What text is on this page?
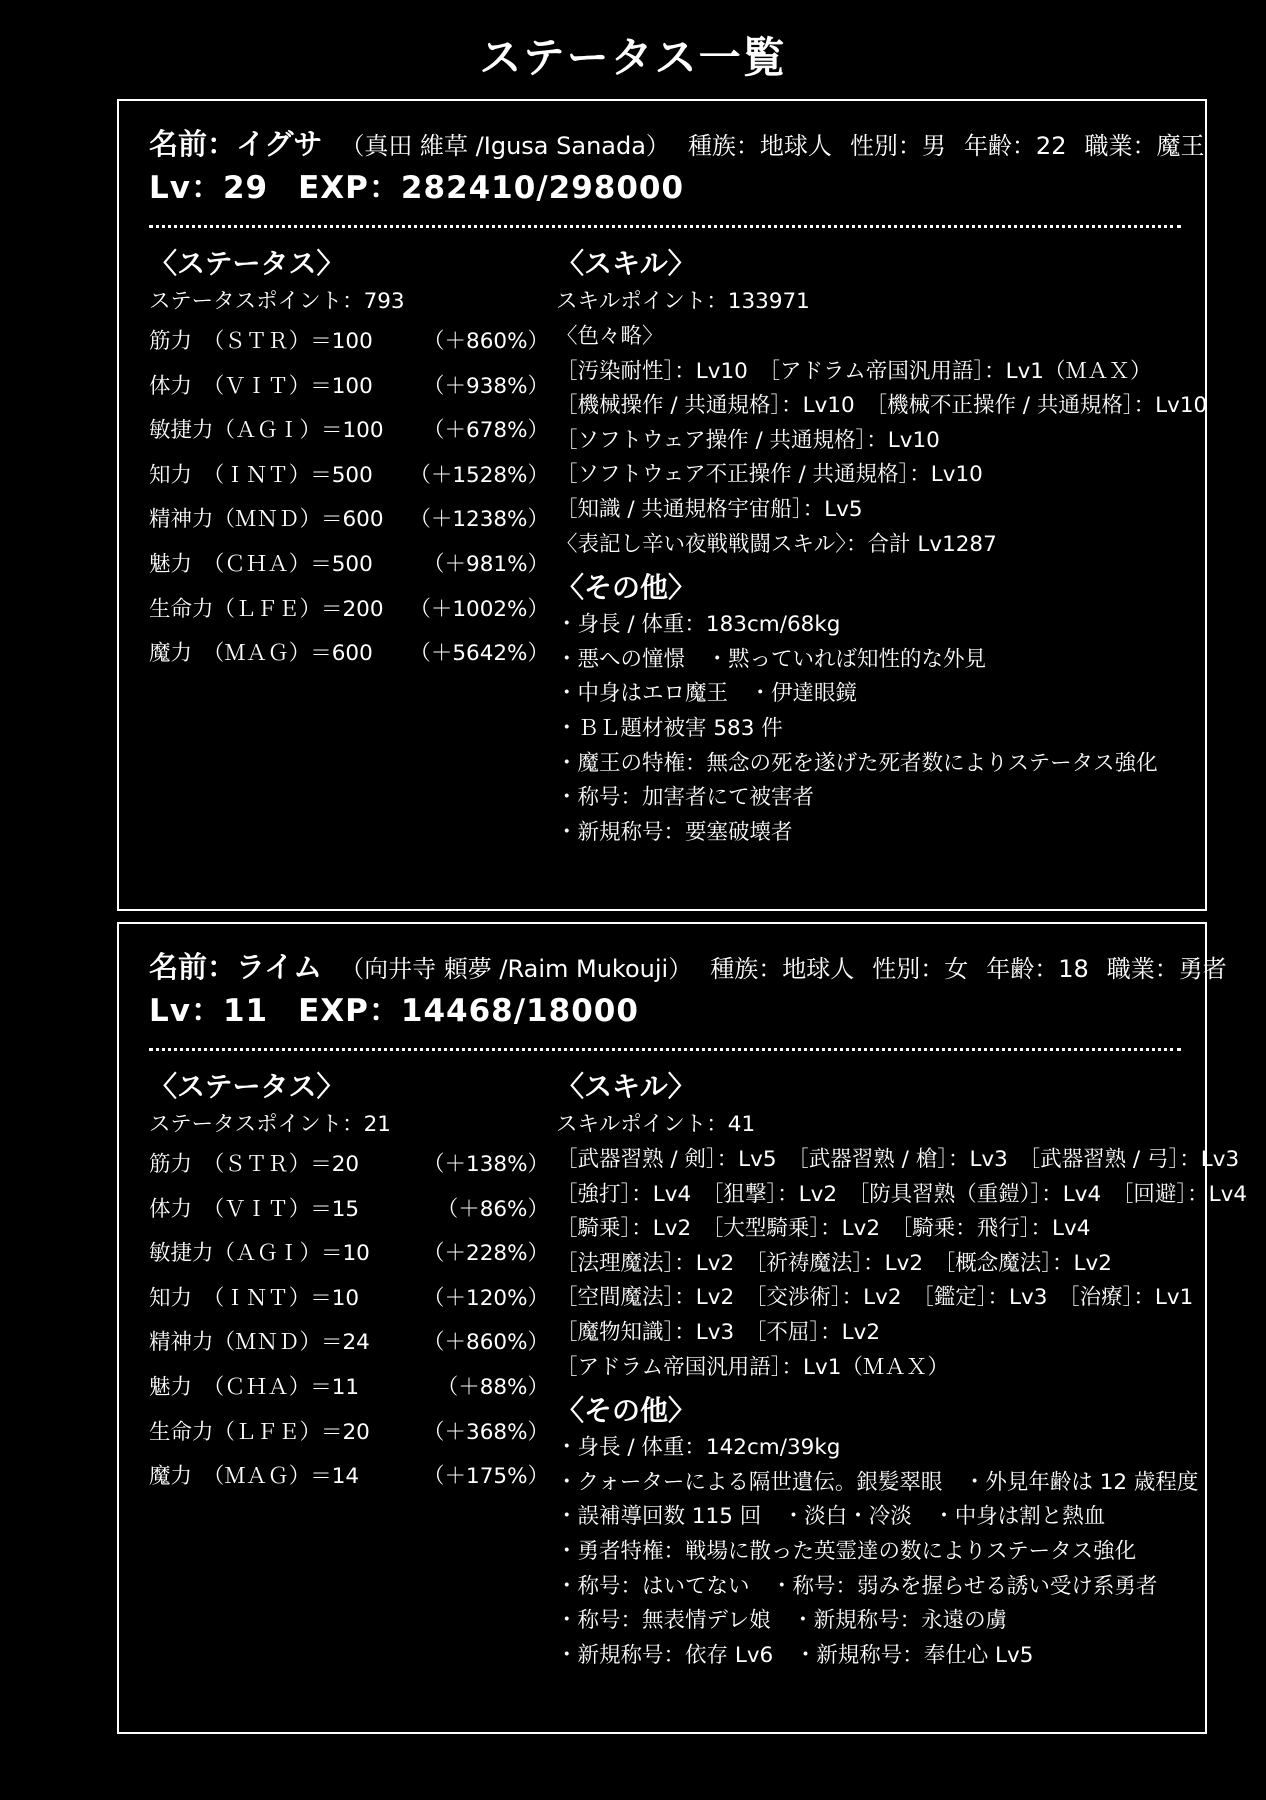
ステータス一覧
名前：イグサ （真田 維草 /Igusa Sanada） 種族：地球人 性別：男 年齢：22 職業：魔王
Lv：29 EXP：282410/298000
〈ステータス〉
ステータスポイント：793
筋力　（ＳＴＲ）＝100 （＋860%）
体力　（ＶＩＴ）＝100 （＋938%）
敏捷力（ＡＧＩ）＝100 （＋678%）
知力　（ＩＮＴ）＝500 （＋1528%）
精神力（ＭＮＤ）＝600 （＋1238%）
魅力　（ＣＨＡ）＝500 （＋981%）
生命力（ＬＦＥ）＝200 （＋1002%）
魔力　（ＭＡＧ）＝600 （＋5642%）
〈スキル〉
スキルポイント：133971
〈色々略〉
［汚染耐性］：Lv10　［アドラム帝国汎用語］：Lv1（ＭＡＸ）
［機械操作 / 共通規格］：Lv10　［機械不正操作 / 共通規格］：Lv10
［ソフトウェア操作 / 共通規格］：Lv10
［ソフトウェア不正操作 / 共通規格］：Lv10
［知識 / 共通規格宇宙船］：Lv5
〈表記し辛い夜戦戦闘スキル〉：合計 Lv1287
〈その他〉
・身長 / 体重：183cm/68kg
・悪への憧憬　・黙っていれば知性的な外見
・中身はエロ魔王　・伊達眼鏡
・ＢＬ題材被害 583 件
・魔王の特権：無念の死を遂げた死者数によりステータス強化
・称号：加害者にて被害者
・新規称号：要塞破壊者
名前：ライム （向井寺 頼夢 /Raim Mukouji） 種族：地球人 性別：女 年齢：18 職業：勇者
Lv：11 EXP：14468/18000
〈ステータス〉
ステータスポイント：21
筋力　（ＳＴＲ）＝20	（＋138%）
体力　（ＶＩＴ）＝15	（＋86%）
敏捷力（ＡＧＩ）＝10 （＋228%）
知力　（ＩＮＴ）＝10	（＋120%）
精神力（ＭＮＤ）＝24 （＋860%）
魅力　（ＣＨＡ）＝11	（＋88%）
生命力（ＬＦＥ）＝20 （＋368%）
魔力　（ＭＡＧ）＝14	（＋175%）
〈スキル〉
スキルポイント：41
［武器習熟 / 剣］：Lv5　［武器習熟 / 槍］：Lv3　［武器習熟 / 弓］：Lv3
［強打］：Lv4　［狙撃］：Lv2　［防具習熟（重鎧）］：Lv4　［回避］：Lv4
［騎乗］：Lv2　［大型騎乗］：Lv2　［騎乗：飛行］：Lv4
［法理魔法］：Lv2　［祈祷魔法］：Lv2　［概念魔法］：Lv2
［空間魔法］：Lv2　［交渉術］：Lv2　［鑑定］：Lv3　［治療］：Lv1
［魔物知識］：Lv3　［不屈］：Lv2
［アドラム帝国汎用語］：Lv1（ＭＡＸ）
〈その他〉
・身長 / 体重：142cm/39kg
・クォーターによる隔世遺伝。銀髪翠眼　・外見年齢は 12 歳程度
・誤補導回数 115 回　・淡白・冷淡　・中身は割と熱血
・勇者特権：戦場に散った英霊達の数によりステータス強化
・称号：はいてない　・称号：弱みを握らせる誘い受け系勇者
・称号：無表情デレ娘　・新規称号：永遠の虜
・新規称号：依存 Lv6　・新規称号：奉仕心 Lv5
